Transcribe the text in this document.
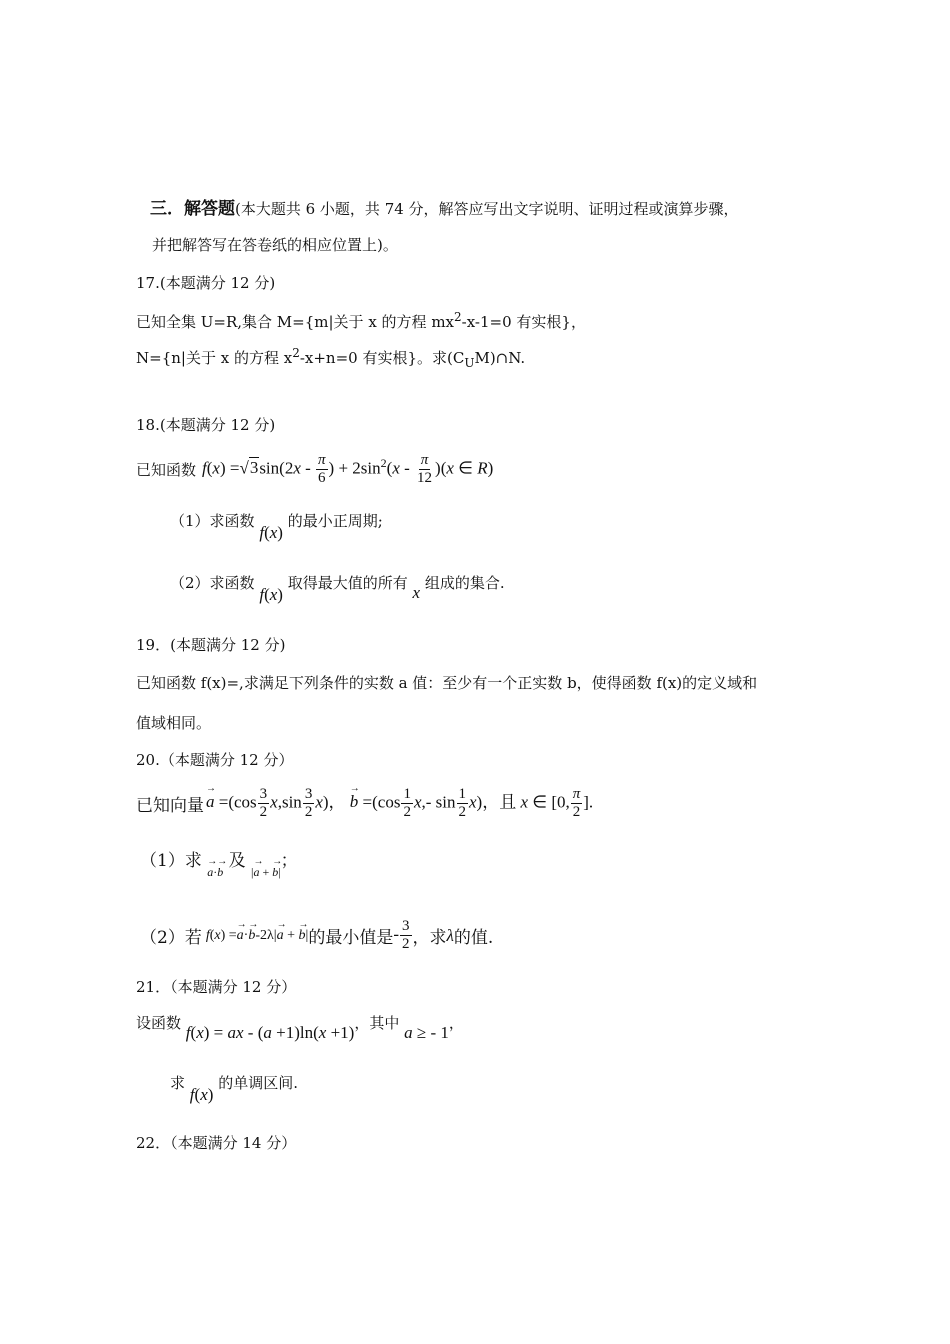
三．解答题(本大题共 6 小题，共 74 分，解答应写出文字说明、证明过程或演算步骤，
并把解答写在答卷纸的相应位置上)。
17.(本题满分 12 分)
已知全集 U=R,集合 M={m|关于 x 的方程 $mx^2-x-1=0$ 有实根}，
N={n|关于 x 的方程 $x^2-x+n=0$ 有实根}。求$(C_UM)\cap N$.
18.(本题满分 12 分)
已知函数 $f(x) =√3\sin(2x - \frac{\pi}{6}$ ) + $2\sin^2(x - \frac{\pi}{12} )(x$ ∈ R)
（1）求函数 f(x) 的最小正周期;
（2）求函数 f(x) 取得最大值的所有 x 组成的集合.
19．(本题满分 12 分)
已知函数 f(x)=,求满足下列条件的实数 a 值：至少有一个正实数 b，使得函数 f(x)的定义域和
值域相同。
20.（本题满分 12 分）
已知向量
→ $a =(\cos \frac{3}{2} x,\sin \frac{3}{2} x)$， → $b =(\cos \frac{1}{2} x,-$ $\sin \frac{1}{2} x$)，且 x ∈ [0, $\frac{\pi}{2}$ ].
（1）求 → $_{a\cdot\to b}$ 及 $_{|\to a + \to b|}$；
（2）若 f(x) =→ a·→ b-2λ|→ a + → b| 的最小值是 - $\frac{3}{2}$ ，求 λ 的值.
21．（本题满分 12 分）
设函数 f(x) = ax - (a +1)ln(x +1)，其中 a ≥ - 1，
求 f(x) 的单调区间.
22．（本题满分 14 分）
